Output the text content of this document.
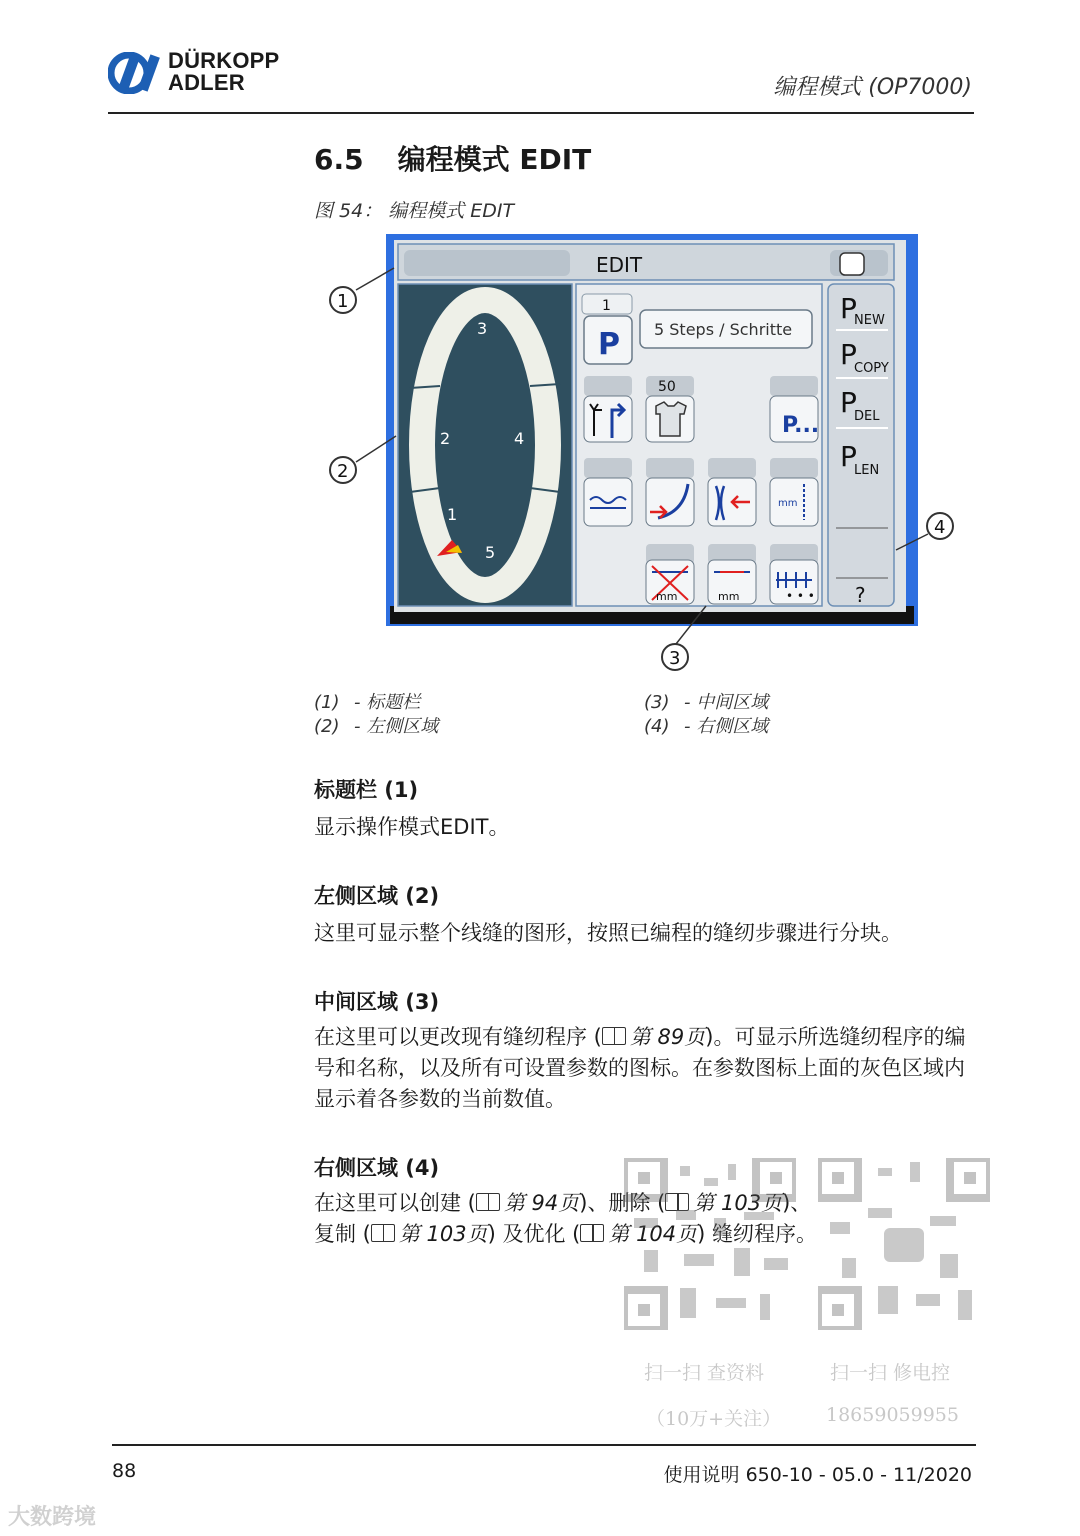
DÜRKOPP
ADLER	编程模式 (OP7000)
6.5 编程模式 EDIT
图 54： 编程模式 EDIT
EDIT
3
2	4
1
5
1
P 5 Steps / Schritte
50
P...
mm
mm	mm	• • •
P
NEW
P
COPY
P
DEL
P
LEN
?
1
2
3
4
(1) - 标题栏
(2) - 左侧区域
(3) - 中间区域
(4) - 右侧区域
标题栏 (1)
显示操作模式EDIT。
左侧区域 (2)
这里可显示整个线缝的图形，按照已编程的缝纫步骤进行分块。
中间区域 (3)
在这里可以更改现有缝纫程序 ( 第 89页)。可显示所选缝纫程序的编号和名称，以及所有可设置参数的图标。在参数图标上面的灰色区域内显示着各参数的当前数值。
右侧区域 (4)
在这里可以创建 ( 第 94页)、删除 ( 第 103页)、
复制 ( 第 103页) 及优化 ( 第 104页) 缝纫程序。
扫一扫 查资料
（10万+关注）
扫一扫 修电控
18659059955
88	使用说明 650-10 - 05.0 - 11/2020
大数跨境
